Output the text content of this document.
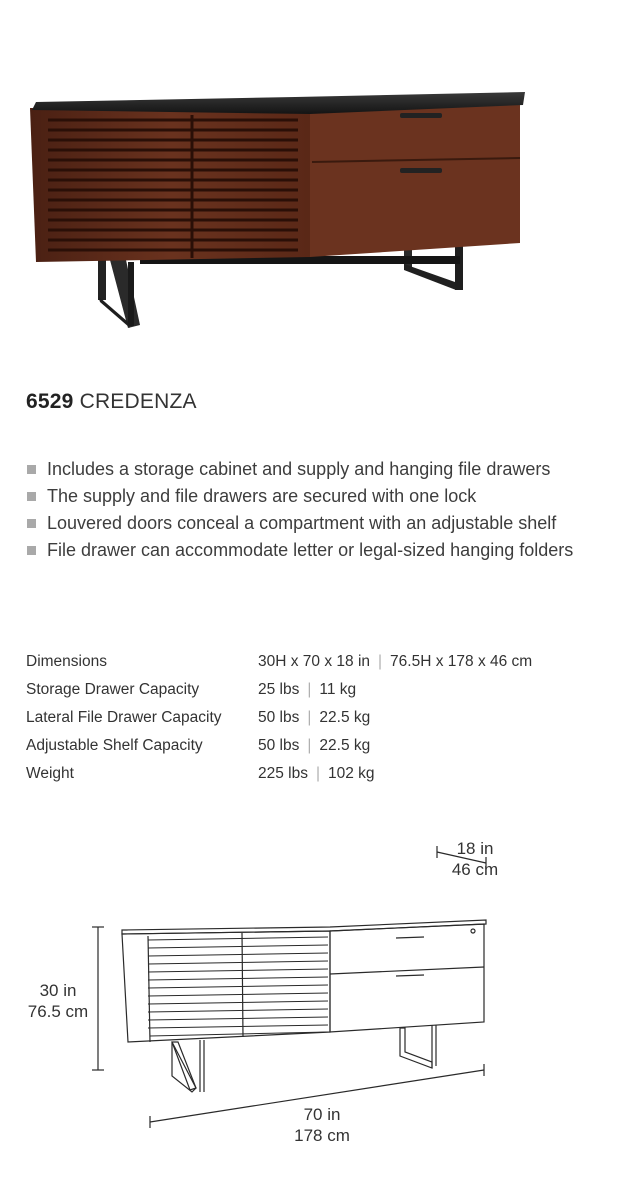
6529 CREDENZA
Includes a storage cabinet and supply and hanging file drawers
The supply and file drawers are secured with one lock
Louvered doors conceal a compartment with an adjustable shelf
File drawer can accommodate letter or legal-sized hanging folders
Dimensions	30H x 70 x 18 in | 76.5H x 178 x 46 cm
Storage Drawer Capacity	25 lbs | 11 kg
Lateral File Drawer Capacity	50 lbs | 22.5 kg
Adjustable Shelf Capacity	50 lbs | 22.5 kg
Weight	225 lbs | 102 kg
18 in
46 cm
30 in
76.5 cm
70 in
178 cm
